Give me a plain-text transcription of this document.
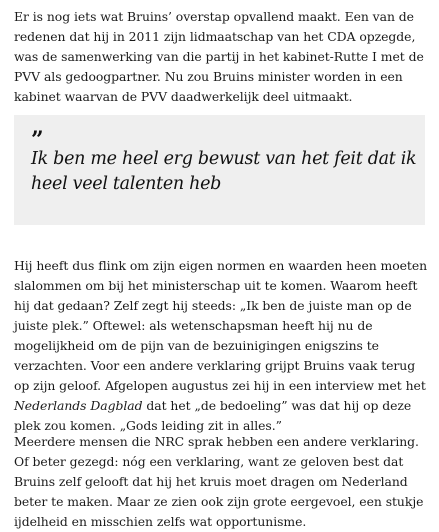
Er is nog iets wat Bruins’ overstap opvallend maakt. Een van de redenen dat hij in 2011 zijn lidmaatschap van het CDA opzegde, was de samenwerking van die partij in het kabinet-Rutte I met de PVV als gedoogpartner. Nu zou Bruins minister worden in een kabinet waarvan de PVV daadwerkelijk deel uitmaakt.

”

Ik ben me heel erg bewust van het feit dat ik heel veel talenten heb

Hij heeft dus flink om zijn eigen normen en waarden heen moeten slalommen om bij het ministerschap uit te komen. Waarom heeft hij dat gedaan? Zelf zegt hij steeds: „Ik ben de juiste man op de juiste plek.” Oftewel: als wetenschapsman heeft hij nu de mogelijkheid om de pijn van de bezuinigingen enigszins te verzachten. Voor een andere verklaring grijpt Bruins vaak terug op zijn geloof. Afgelopen augustus zei hij in een interview met het Nederlands Dagblad dat het „de bedoeling” was dat hij op deze plek zou komen. „Gods leiding zit in alles.”

Meerdere mensen die NRC sprak hebben een andere verklaring. Of beter gezegd: nóg een verklaring, want ze geloven best dat Bruins zelf gelooft dat hij het kruis moet dragen om Nederland beter te maken. Maar ze zien ook zijn grote eergevoel, een stukje ijdelheid en misschien zelfs wat opportunisme.
